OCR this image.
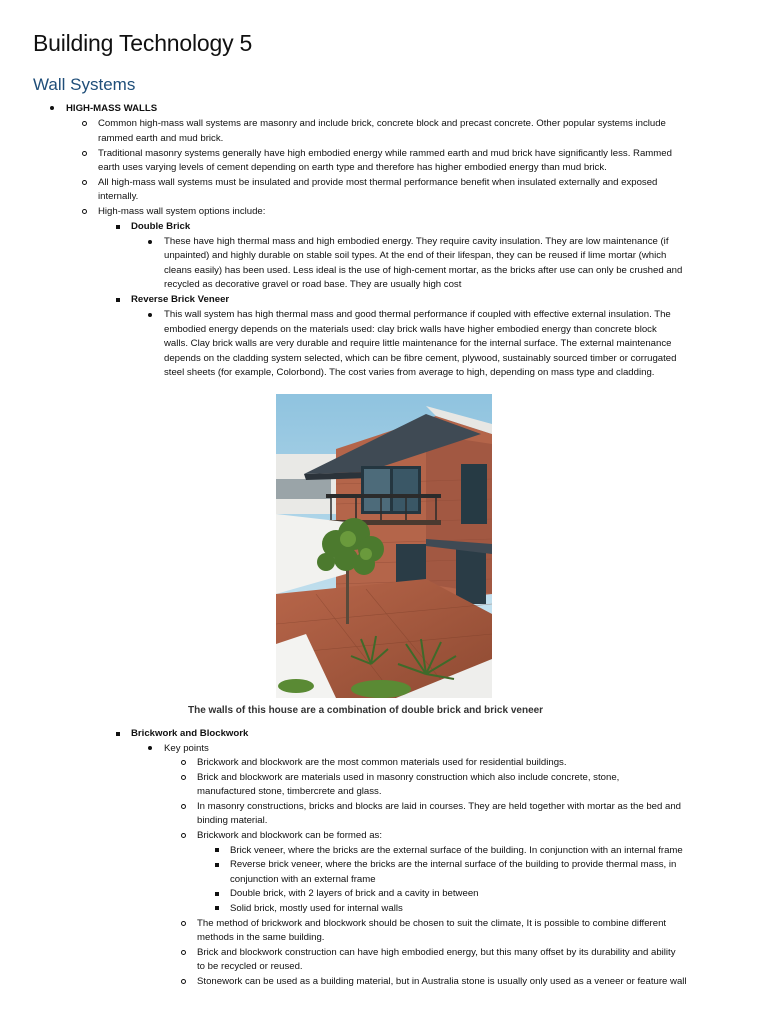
Building Technology 5
Wall Systems

HIGH-MASS WALLS

Common high-mass wall systems are masonry and include brick, concrete block and precast concrete. Other popular systems include

rammed earth and mud brick.

Traditional masonry systems generally have high embodied energy while rammed earth and mud brick have significantly less. Rammed

earth uses varying levels of cement depending on earth type and therefore has higher embodied energy than mud brick.

All high-mass wall systems must be insulated and provide most thermal performance benefit when insulated externally and exposed

internally.

High-mass wall system options include:

Double Brick

These have high thermal mass and high embodied energy. They require cavity insulation. They are low maintenance (if

unpainted) and highly durable on stable soil types. At the end of their lifespan, they can be reused if lime mortar (which

cleans easily) has been used. Less ideal is the use of high-cement mortar, as the bricks after use can only be crushed and

recycled as decorative gravel or road base. They are usually high cost

Reverse Brick Veneer

This wall system has high thermal mass and good thermal performance if coupled with effective external insulation. The

embodied energy depends on the materials used: clay brick walls have higher embodied energy than concrete block

walls. Clay brick walls are very durable and require little maintenance for the internal surface. The external maintenance

depends on the cladding system selected, which can be fibre cement, plywood, sustainably sourced timber or corrugated

steel sheets (for example, Colorbond). The cost varies from average to high, depending on mass type and cladding.

The walls of this house are a combination of double brick and brick veneer

Brickwork and Blockwork

Key points

Brickwork and blockwork are the most common materials used for residential buildings.

Brick and blockwork are materials used in masonry construction which also include concrete, stone,

manufactured stone, timbercrete and glass.

In masonry constructions, bricks and blocks are laid in courses. They are held together with mortar as the bed and

binding material.

Brickwork and blockwork can be formed as:

Brick veneer, where the bricks are the external surface of the building. In conjunction with an internal frame

Reverse brick veneer, where the bricks are the internal surface of the building to provide thermal mass, in

conjunction with an external frame

Double brick, with 2 layers of brick and a cavity in between

Solid brick, mostly used for internal walls

The method of brickwork and blockwork should be chosen to suit the climate, It is possible to combine different

methods in the same building.

Brick and blockwork construction can have high embodied energy, but this many offset by its durability and ability

to be recycled or reused.

Stonework can be used as a building material, but in Australia stone is usually only used as a veneer or feature wall
